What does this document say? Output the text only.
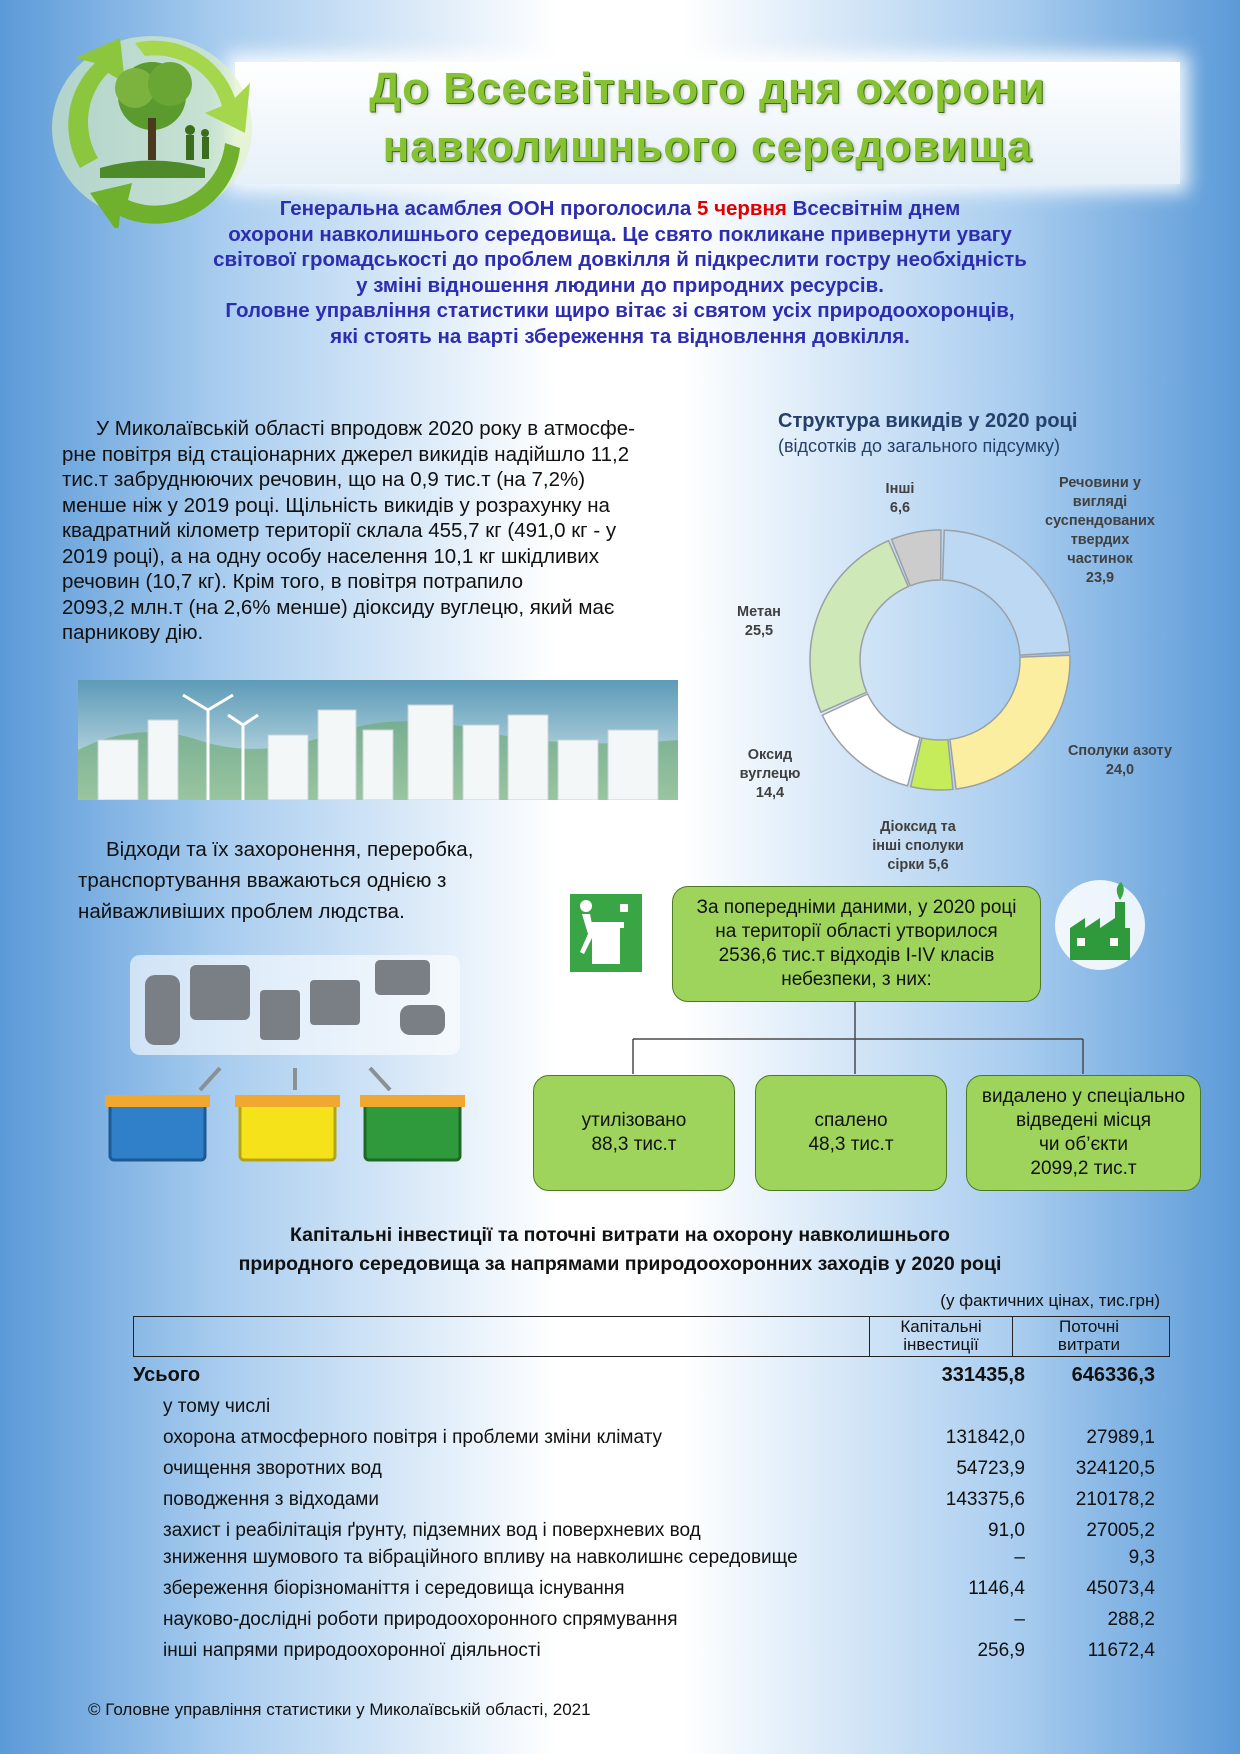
До Всесвітнього дня охорони
навколишнього середовища
Генеральна асамблея ООН проголосила 5 червня Всесвітнім днем
охорони навколишнього середовища. Це свято покликане привернути увагу
світової громадськості до проблем довкілля й підкреслити гостру необхідність
у зміні відношення людини до природних ресурсів.
Головне управління статистики щиро вітає зі святом усіх природоохоронців,
які стоять на варті збереження та відновлення довкілля.
У Миколаївській області впродовж 2020 року в атмосфе-
рне повітря від стаціонарних джерел викидів надійшло 11,2
тис.т забруднюючих речовин, що на 0,9 тис.т (на 7,2%)
менше ніж у 2019 році. Щільність викидів у розрахунку на
квадратний кілометр території склала 455,7 кг (491,0 кг - у
2019 році), а на одну особу населення 10,1 кг шкідливих
речовин (10,7 кг). Крім того, в повітря потрапило
2093,2 млн.т (на 2,6% менше) діоксиду вуглецю, який має
парникову дію.
Структура викидів у 2020 році
(відсотків до загального підсумку)
Речовини у
вигляді
суспендованих
твердих
частинок
23,9
Сполуки азоту
24,0
Діоксид та
інші сполуки
сірки 5,6
Оксид
вуглецю
14,4
Метан
25,5
Інші
6,6
Відходи та їх захоронення, переробка,
транспортування вважаються однією з
найважливіших проблем людства.	За попередніми даними, у 2020 році
на території області утворилося
2536,6 тис.т відходів І-IV класів
небезпеки, з них:
утилізовано
88,3 тис.т
спалено
48,3 тис.т
видалено у спеціально
відведені місця
чи об’єкти
2099,2 тис.т
Капітальні інвестиції та поточні витрати на охорону навколишнього
природного середовища за напрямами природоохоронних заходів у 2020 році
(у фактичних цінах, тис.грн)
Капітальні
інвестиції
Поточні
витрати
Усього	331435,8	646336,3
у тому числі
охорона атмосферного повітря і проблеми зміни клімату	131842,0	27989,1
очищення зворотних вод	54723,9	324120,5
поводження з відходами	143375,6	210178,2
захист і реабілітація ґрунту, підземних вод і поверхневих вод	91,0	27005,2
зниження шумового та вібраційного впливу на навколишнє середовище	–	9,3
збереження біорізноманіття і середовища існування	1146,4	45073,4
науково-дослідні роботи природоохоронного спрямування	–	288,2
інші напрями природоохоронної діяльності	256,9	11672,4
© Головне управління статистики у Миколаївській області, 2021
